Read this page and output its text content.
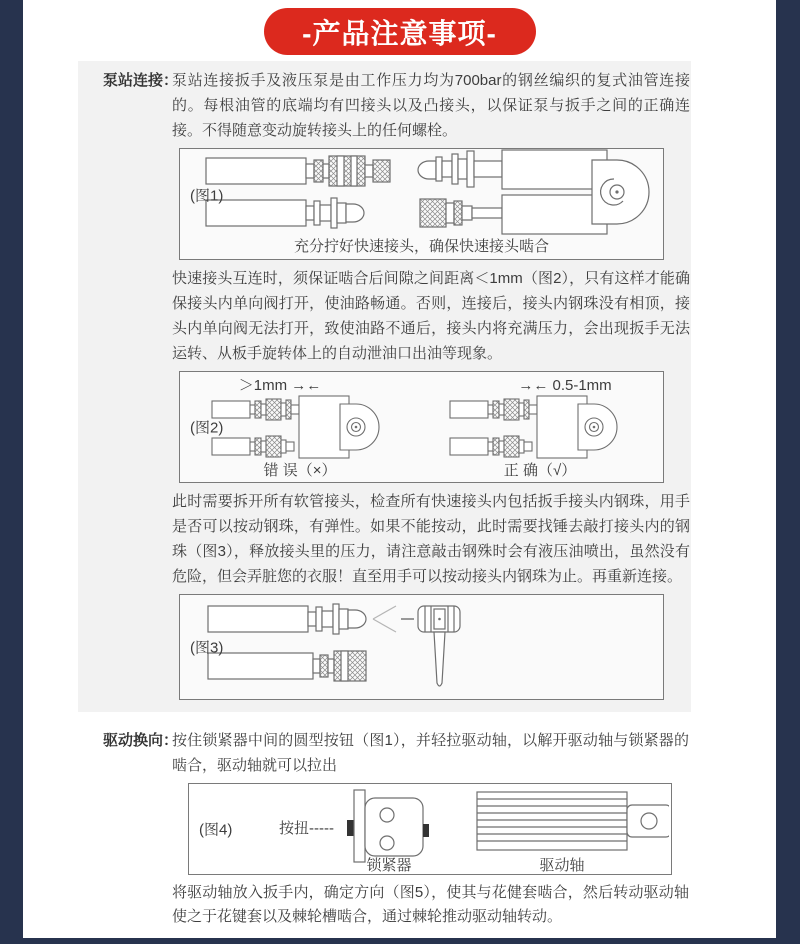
-产品注意事项-
泵站连接：

泵站连接扳手及液压泵是由工作压力均为700bar的钢丝编织的复式油管连接的。每根油管的底端均有凹接头以及凸接头，以保证泵与扳手之间的正确连接。不得随意变动旋转接头上的任何螺栓。

(图1)
充分拧好快速接头，确保快速接头啮合

快速接头互连时，须保证啮合后间隙之间距离＜1mm（图2），只有这样才能确保接头内单向阀打开，使油路畅通。否则，连接后，接头内钢珠没有相顶，接头内单向阀无法打开，致使油路不通后，接头内将充满压力，会出现扳手无法运转、从板手旋转体上的自动泄油口出油等现象。

(图2)
＞1mm →←	→← 0.5-1mm
错 误（×）	正 确（√）

此时需要拆开所有软管接头，检查所有快速接头内包括扳手接头内钢珠，用手是否可以按动钢珠，有弹性。如果不能按动，此时需要找锤去敲打接头内的钢珠（图3），释放接头里的压力，请注意敲击钢殊时会有液压油喷出，虽然没有危险，但会弄脏您的衣服！直至用手可以按动接头内钢珠为止。再重新连接。

(图3)
驱动换向：

按住锁紧器中间的圆型按钮（图1），并轻拉驱动轴，以解开驱动轴与锁紧器的啮合，驱动轴就可以拉出

(图4)	按扭-----
锁紧器	驱动轴

将驱动轴放入扳手内，确定方向（图5），使其与花健套啮合，然后转动驱动轴使之于花键套以及棘轮槽啮合，通过棘轮推动驱动轴转动。
